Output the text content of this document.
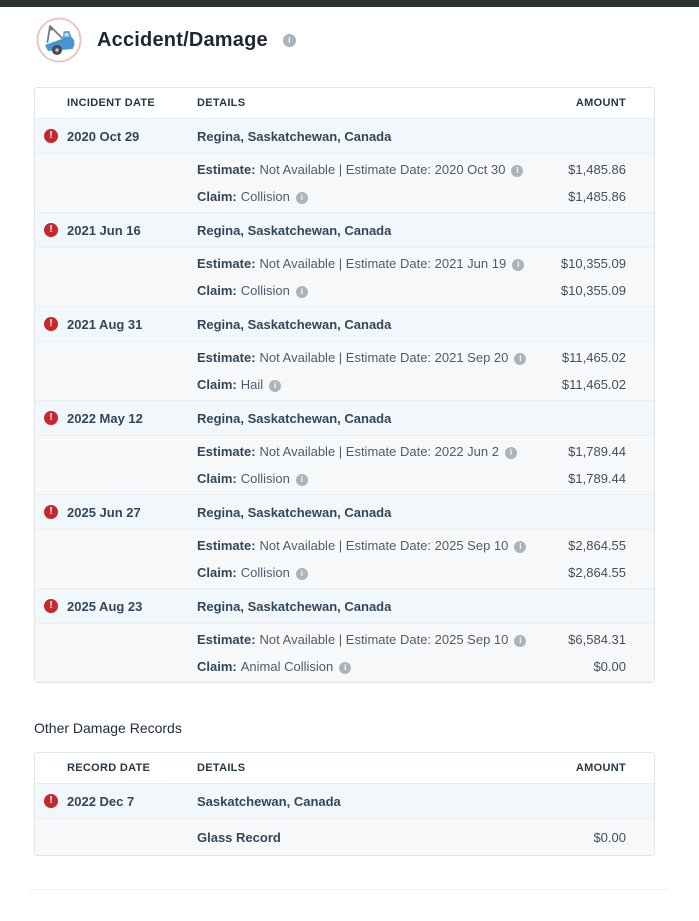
Accident/Damage	i
INCIDENT DATE	DETAILS	AMOUNT
!	2020 Oct 29	Regina, Saskatchewan, Canada
Estimate: Not Available | Estimate Date: 2020 Oct 30	i	$1,485.86
Claim: Collision	i	$1,485.86
!	2021 Jun 16	Regina, Saskatchewan, Canada
Estimate: Not Available | Estimate Date: 2021 Jun 19	i	$10,355.09
Claim: Collision	i	$10,355.09
!	2021 Aug 31	Regina, Saskatchewan, Canada
Estimate: Not Available | Estimate Date: 2021 Sep 20	i	$11,465.02
Claim: Hail	i	$11,465.02
!	2022 May 12	Regina, Saskatchewan, Canada
Estimate: Not Available | Estimate Date: 2022 Jun 2	i	$1,789.44
Claim: Collision	i	$1,789.44
!	2025 Jun 27	Regina, Saskatchewan, Canada
Estimate: Not Available | Estimate Date: 2025 Sep 10	i	$2,864.55
Claim: Collision	i	$2,864.55
!	2025 Aug 23	Regina, Saskatchewan, Canada
Estimate: Not Available | Estimate Date: 2025 Sep 10	i	$6,584.31
Claim: Animal Collision	i	$0.00
Other Damage Records
RECORD DATE	DETAILS	AMOUNT
!	2022 Dec 7	Saskatchewan, Canada
Glass Record	$0.00
